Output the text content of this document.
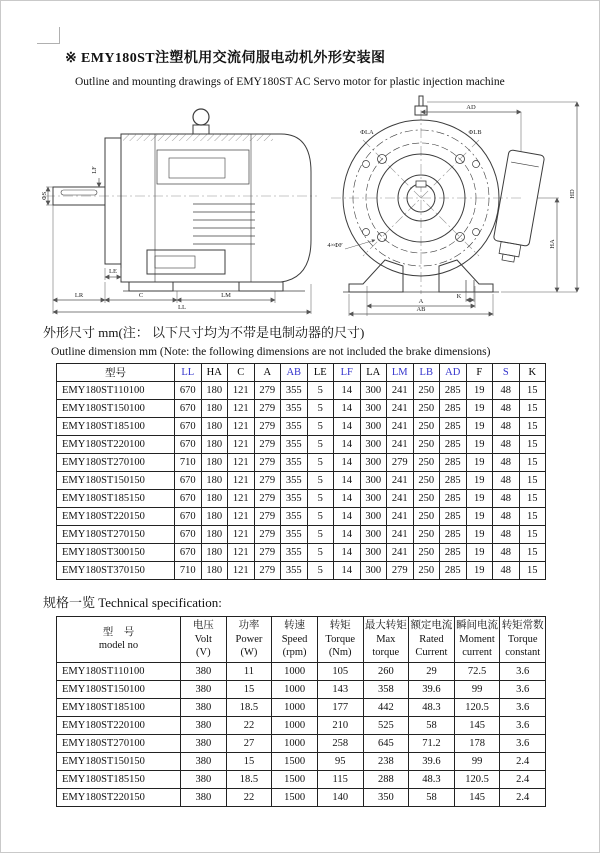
※ EMY180ST注塑机用交流伺服电动机外形安装图
Outline and mounting drawings of EMY180ST AC Servo motor for plastic injection machine
ΦS
LF
LE
LR	C	LM
LL
AD
HD
HA
K
A
AB
ΦLA	ΦLB
4×ΦF
外形尺寸 mm(注： 以下尺寸均为不带是电制动器的尺寸)
Outline dimension mm (Note: the following dimensions are not included the brake dimensions)
型号	LL	HA	C	A	AB	LE	LF	LA	LM	LB	AD	F	S	K
EMY180ST110100	670	180	121	279	355	5	14	300	241	250	285	19	48	15
EMY180ST150100	670	180	121	279	355	5	14	300	241	250	285	19	48	15
EMY180ST185100	670	180	121	279	355	5	14	300	241	250	285	19	48	15
EMY180ST220100	670	180	121	279	355	5	14	300	241	250	285	19	48	15
EMY180ST270100	710	180	121	279	355	5	14	300	279	250	285	19	48	15
EMY180ST150150	670	180	121	279	355	5	14	300	241	250	285	19	48	15
EMY180ST185150	670	180	121	279	355	5	14	300	241	250	285	19	48	15
EMY180ST220150	670	180	121	279	355	5	14	300	241	250	285	19	48	15
EMY180ST270150	670	180	121	279	355	5	14	300	241	250	285	19	48	15
EMY180ST300150	670	180	121	279	355	5	14	300	241	250	285	19	48	15
EMY180ST370150	710	180	121	279	355	5	14	300	279	250	285	19	48	15
规格一览 Technical specification:
型　号
model no

电压
Volt
(V)

功率
Power
(W)

转速
Speed
(rpm)

转矩
Torque
(Nm)

最大转矩
Max
torque

额定电流
Rated
Current

瞬间电流
Moment
current

转矩常数
Torque
constant

EMY180ST110100	380	11	1000	105	260	29	72.5	3.6
EMY180ST150100	380	15	1000	143	358	39.6	99	3.6
EMY180ST185100	380	18.5	1000	177	442	48.3	120.5	3.6
EMY180ST220100	380	22	1000	210	525	58	145	3.6
EMY180ST270100	380	27	1000	258	645	71.2	178	3.6
EMY180ST150150	380	15	1500	95	238	39.6	99	2.4
EMY180ST185150	380	18.5	1500	115	288	48.3	120.5	2.4
EMY180ST220150	380	22	1500	140	350	58	145	2.4
